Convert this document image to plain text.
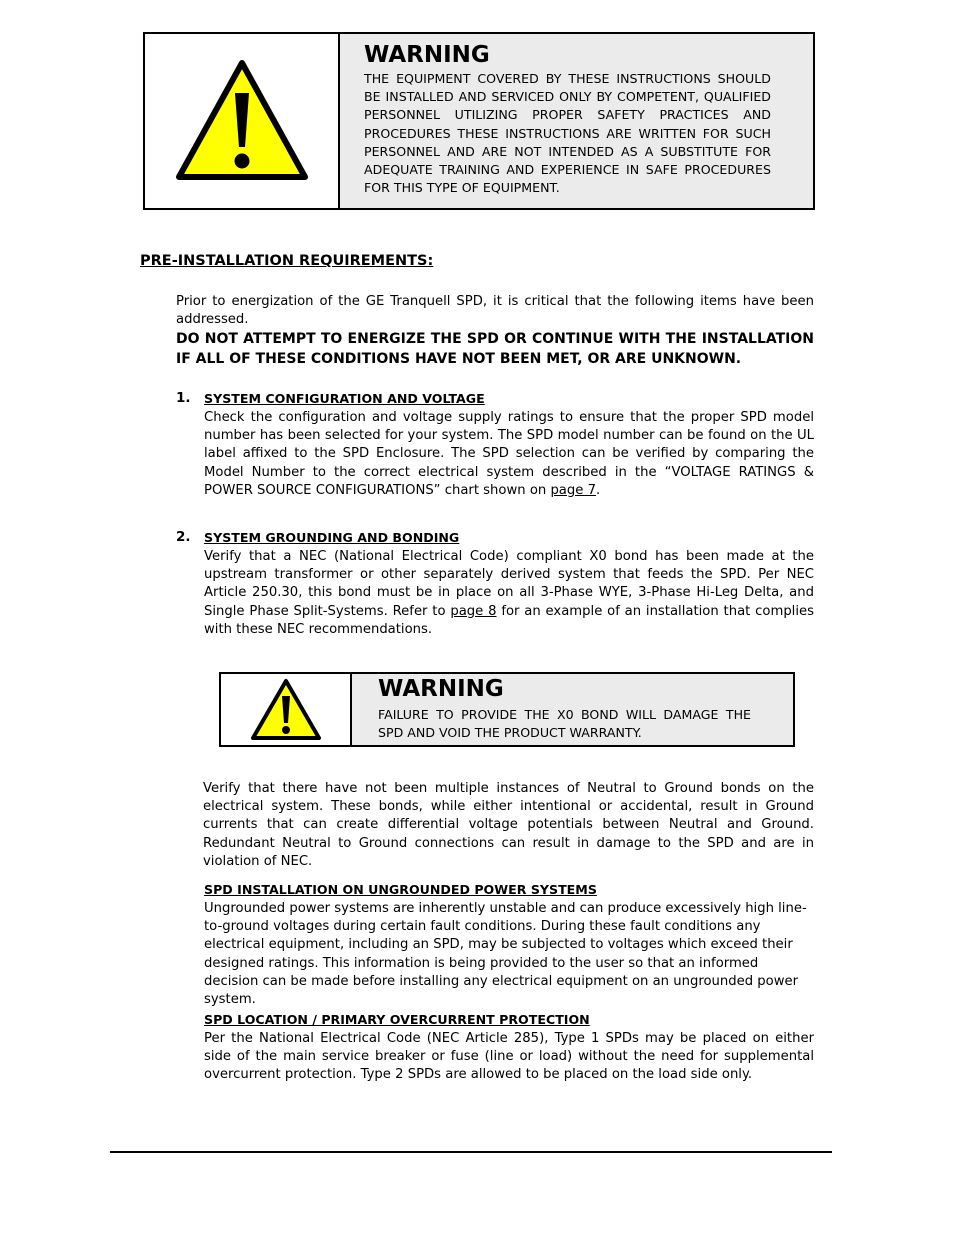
WARNING
THE EQUIPMENT COVERED BY THESE INSTRUCTIONS SHOULD BE INSTALLED AND SERVICED ONLY BY COMPETENT, QUALIFIED PERSONNEL UTILIZING PROPER SAFETY PRACTICES AND PROCEDURES THESE INSTRUCTIONS ARE WRITTEN FOR SUCH PERSONNEL AND ARE NOT INTENDED AS A SUBSTITUTE FOR ADEQUATE TRAINING AND EXPERIENCE IN SAFE PROCEDURES FOR THIS TYPE OF EQUIPMENT.
PRE-INSTALLATION REQUIREMENTS:
Prior to energization of the GE Tranquell SPD, it is critical that the following items have been addressed.
DO NOT ATTEMPT TO ENERGIZE THE SPD OR CONTINUE WITH THE INSTALLATION IF ALL OF THESE CONDITIONS HAVE NOT BEEN MET, OR ARE UNKNOWN.
1. SYSTEM CONFIGURATION AND VOLTAGE
Check the configuration and voltage supply ratings to ensure that the proper SPD model number has been selected for your system. The SPD model number can be found on the UL label affixed to the SPD Enclosure. The SPD selection can be verified by comparing the Model Number to the correct electrical system described in the “VOLTAGE RATINGS & POWER SOURCE CONFIGURATIONS” chart shown on page 7.
2. SYSTEM GROUNDING AND BONDING
Verify that a NEC (National Electrical Code) compliant X0 bond has been made at the upstream transformer or other separately derived system that feeds the SPD. Per NEC Article 250.30, this bond must be in place on all 3-Phase WYE, 3-Phase Hi-Leg Delta, and Single Phase Split-Systems. Refer to page 8 for an example of an installation that complies with these NEC recommendations.
WARNING
FAILURE TO PROVIDE THE X0 BOND WILL DAMAGE THE SPD AND VOID THE PRODUCT WARRANTY.
Verify that there have not been multiple instances of Neutral to Ground bonds on the electrical system. These bonds, while either intentional or accidental, result in Ground currents that can create differential voltage potentials between Neutral and Ground. Redundant Neutral to Ground connections can result in damage to the SPD and are in violation of NEC.
SPD INSTALLATION ON UNGROUNDED POWER SYSTEMS
Ungrounded power systems are inherently unstable and can produce excessively high line-to-ground voltages during certain fault conditions. During these fault conditions any electrical equipment, including an SPD, may be subjected to voltages which exceed their designed ratings. This information is being provided to the user so that an informed decision can be made before installing any electrical equipment on an ungrounded power system.
SPD LOCATION / PRIMARY OVERCURRENT PROTECTION
Per the National Electrical Code (NEC Article 285), Type 1 SPDs may be placed on either side of the main service breaker or fuse (line or load) without the need for supplemental overcurrent protection. Type 2 SPDs are allowed to be placed on the load side only.
